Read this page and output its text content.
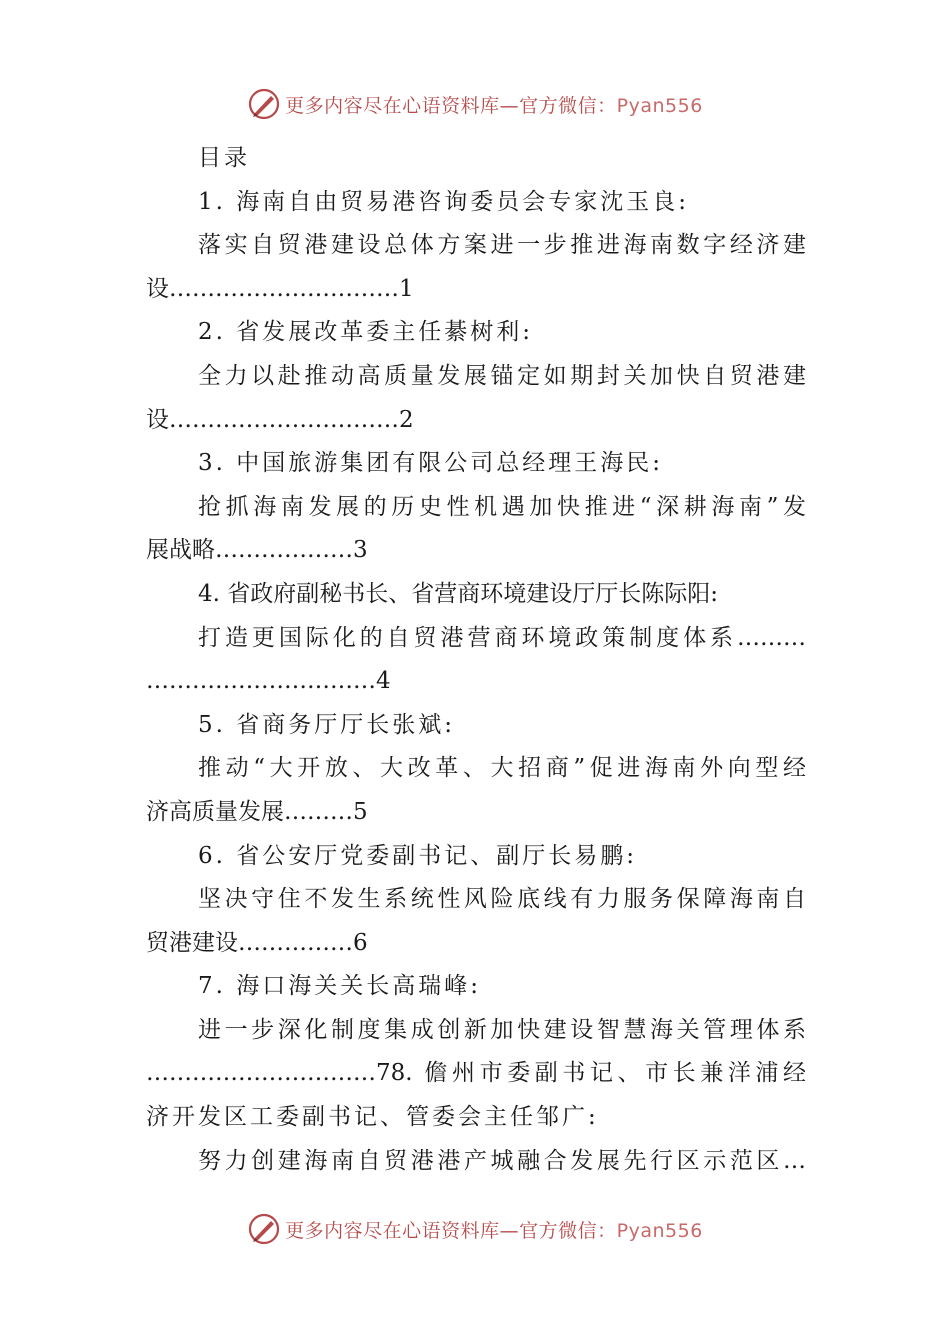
更多内容尽在心语资料库—官方微信：Pyan556
目录
1. 海南自由贸易港咨询委员会专家沈玉良:
落实自贸港建设总体方案进一步推进海南数字经济建
设…………………………1
2. 省发展改革委主任綦树利:
全力以赴推动高质量发展锚定如期封关加快自贸港建
设…………………………2
3. 中国旅游集团有限公司总经理王海民:
抢抓海南发展的历史性机遇加快推进“深耕海南”发
展战略………………3
4. 省政府副秘书长、省营商环境建设厅厅长陈际阳:
打造更国际化的自贸港营商环境政策制度体系………
…………………………4
5. 省商务厅厅长张斌:
推动“大开放、大改革、大招商”促进海南外向型经
济高质量发展………5
6. 省公安厅党委副书记、副厅长易鹏:
坚决守住不发生系统性风险底线有力服务保障海南自
贸港建设……………6
7. 海口海关关长高瑞峰:
进一步深化制度集成创新加快建设智慧海关管理体系
…………………………78. 儋州市委副书记、市长兼洋浦经
济开发区工委副书记、管委会主任邹广:
努力创建海南自贸港港产城融合发展先行区示范区…
更多内容尽在心语资料库—官方微信：Pyan556
